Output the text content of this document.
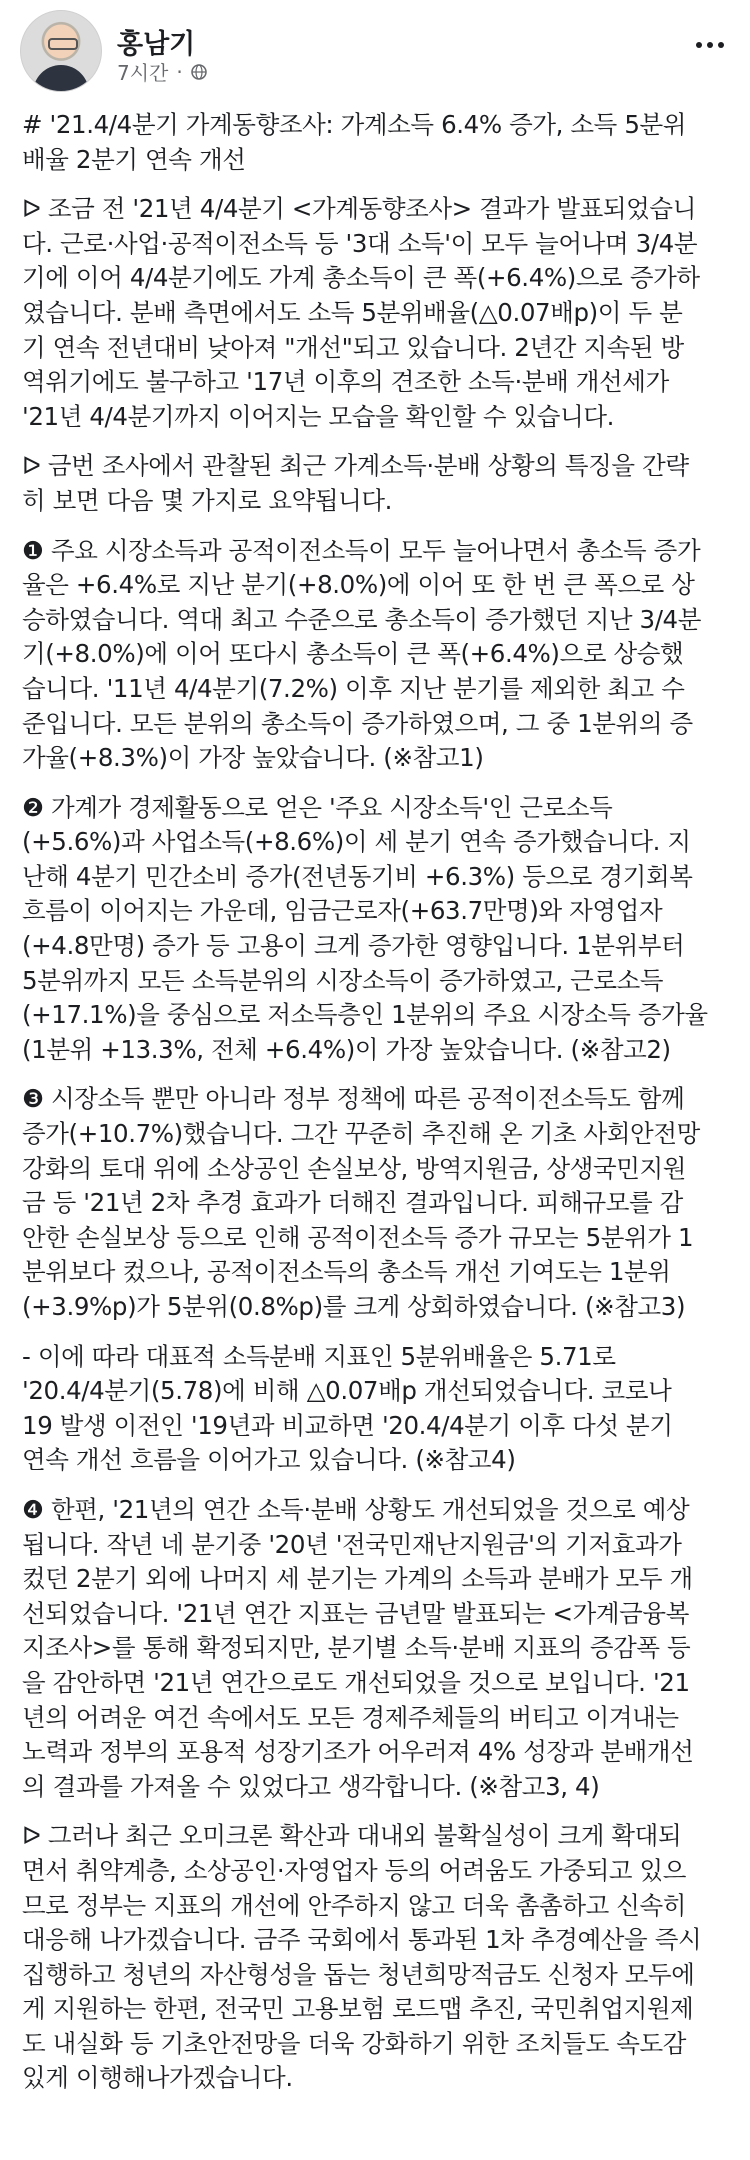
홍남기
7시간 ·

# '21.4/4분기 가계동향조사: 가계소득 6.4% 증가, 소득 5분위
배율 2분기 연속 개선

ᐅ 조금 전 '21년 4/4분기 <가계동향조사> 결과가 발표되었습니
다. 근로·사업·공적이전소득 등 '3대 소득'이 모두 늘어나며 3/4분
기에 이어 4/4분기에도 가계 총소득이 큰 폭(+6.4%)으로 증가하
였습니다. 분배 측면에서도 소득 5분위배율(△0.07배p)이 두 분
기 연속 전년대비 낮아져 "개선"되고 있습니다. 2년간 지속된 방
역위기에도 불구하고 '17년 이후의 견조한 소득·분배 개선세가
'21년 4/4분기까지 이어지는 모습을 확인할 수 있습니다.

ᐅ 금번 조사에서 관찰된 최근 가계소득·분배 상황의 특징을 간략
히 보면 다음 몇 가지로 요약됩니다.

❶ 주요 시장소득과 공적이전소득이 모두 늘어나면서 총소득 증가
율은 +6.4%로 지난 분기(+8.0%)에 이어 또 한 번 큰 폭으로 상
승하였습니다. 역대 최고 수준으로 총소득이 증가했던 지난 3/4분
기(+8.0%)에 이어 또다시 총소득이 큰 폭(+6.4%)으로 상승했
습니다. '11년 4/4분기(7.2%) 이후 지난 분기를 제외한 최고 수
준입니다. 모든 분위의 총소득이 증가하였으며, 그 중 1분위의 증
가율(+8.3%)이 가장 높았습니다. (※참고1)

❷ 가계가 경제활동으로 얻은 '주요 시장소득'인 근로소득
(+5.6%)과 사업소득(+8.6%)이 세 분기 연속 증가했습니다. 지
난해 4분기 민간소비 증가(전년동기비 +6.3%) 등으로 경기회복
흐름이 이어지는 가운데, 임금근로자(+63.7만명)와 자영업자
(+4.8만명) 증가 등 고용이 크게 증가한 영향입니다. 1분위부터
5분위까지 모든 소득분위의 시장소득이 증가하였고, 근로소득
(+17.1%)을 중심으로 저소득층인 1분위의 주요 시장소득 증가율
(1분위 +13.3%, 전체 +6.4%)이 가장 높았습니다. (※참고2)

❸ 시장소득 뿐만 아니라 정부 정책에 따른 공적이전소득도 함께
증가(+10.7%)했습니다. 그간 꾸준히 추진해 온 기초 사회안전망
강화의 토대 위에 소상공인 손실보상, 방역지원금, 상생국민지원
금 등 '21년 2차 추경 효과가 더해진 결과입니다. 피해규모를 감
안한 손실보상 등으로 인해 공적이전소득 증가 규모는 5분위가 1
분위보다 컸으나, 공적이전소득의 총소득 개선 기여도는 1분위
(+3.9%p)가 5분위(0.8%p)를 크게 상회하였습니다. (※참고3)

- 이에 따라 대표적 소득분배 지표인 5분위배율은 5.71로
'20.4/4분기(5.78)에 비해 △0.07배p 개선되었습니다. 코로나
19 발생 이전인 '19년과 비교하면 '20.4/4분기 이후 다섯 분기
연속 개선 흐름을 이어가고 있습니다. (※참고4)

❹ 한편, '21년의 연간 소득·분배 상황도 개선되었을 것으로 예상
됩니다. 작년 네 분기중 '20년 '전국민재난지원금'의 기저효과가
컸던 2분기 외에 나머지 세 분기는 가계의 소득과 분배가 모두 개
선되었습니다. '21년 연간 지표는 금년말 발표되는 <가계금융복
지조사>를 통해 확정되지만, 분기별 소득·분배 지표의 증감폭 등
을 감안하면 '21년 연간으로도 개선되었을 것으로 보입니다. '21
년의 어려운 여건 속에서도 모든 경제주체들의 버티고 이겨내는
노력과 정부의 포용적 성장기조가 어우러져 4% 성장과 분배개선
의 결과를 가져올 수 있었다고 생각합니다. (※참고3, 4)

ᐅ 그러나 최근 오미크론 확산과 대내외 불확실성이 크게 확대되
면서 취약계층, 소상공인·자영업자 등의 어려움도 가중되고 있으
므로 정부는 지표의 개선에 안주하지 않고 더욱 촘촘하고 신속히
대응해 나가겠습니다. 금주 국회에서 통과된 1차 추경예산을 즉시
집행하고 청년의 자산형성을 돕는 청년희망적금도 신청자 모두에
게 지원하는 한편, 전국민 고용보험 로드맵 추진, 국민취업지원제
도 내실화 등 기초안전망을 더욱 강화하기 위한 조치들도 속도감
있게 이행해나가겠습니다.
